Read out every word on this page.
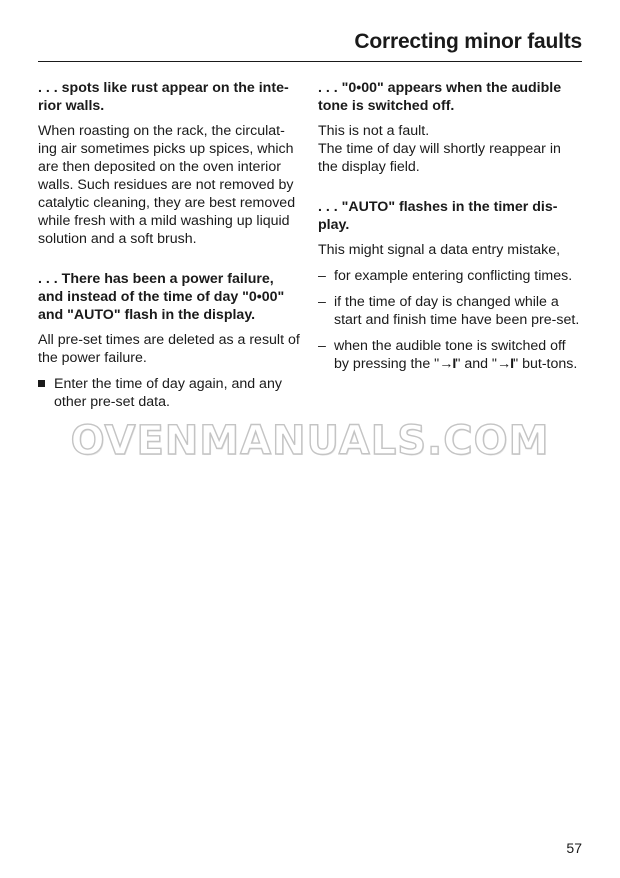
Correcting minor faults

. . . spots like rust appear on the inte-rior walls.

When roasting on the rack, the circulat-ing air sometimes picks up spices, which are then deposited on the oven interior walls. Such residues are not removed by catalytic cleaning, they are best removed while fresh with a mild washing up liquid solution and a soft brush.

. . . There has been a power failure, and instead of the time of day "0•00" and "AUTO" flash in the display.

All pre-set times are deleted as a result of the power failure.

Enter the time of day again, and any other pre-set data.

. . . "0•00" appears when the audible tone is switched off.

This is not a fault.

The time of day will shortly reappear in the display field.

. . . "AUTO" flashes in the timer dis-play.

This might signal a data entry mistake,

– for example entering conflicting times.
– if the time of day is changed while a start and finish time have been pre-set.
– when the audible tone is switched off by pressing the "→I" and "→I" but-tons.
OVENMANUALS.COM
57
